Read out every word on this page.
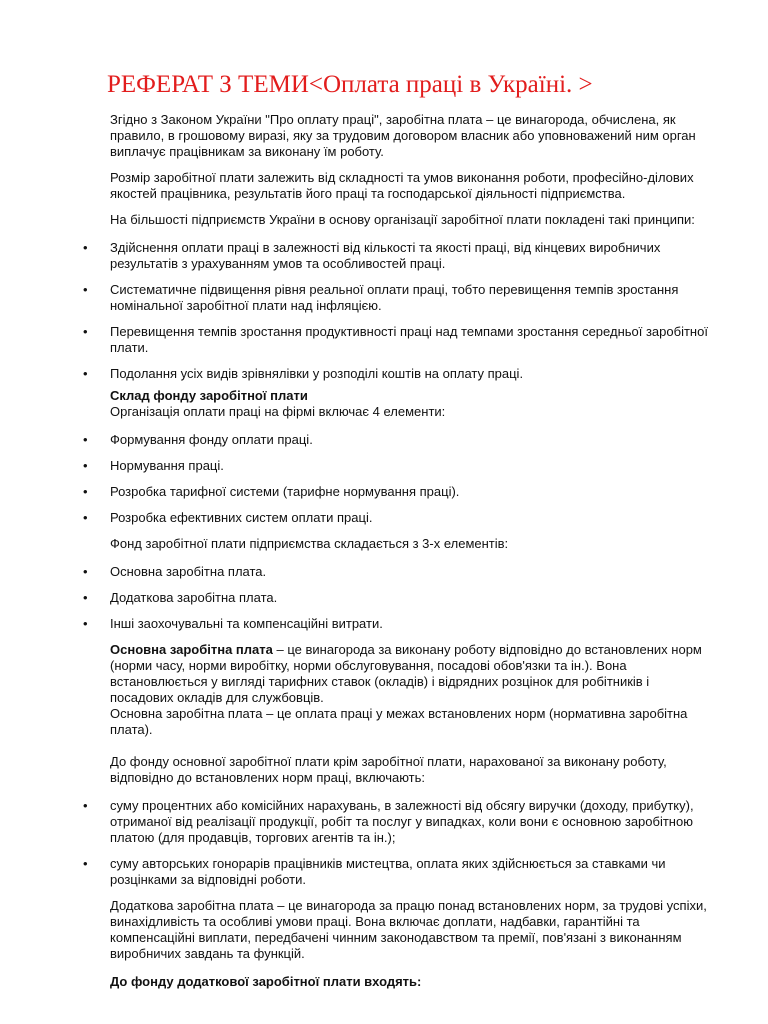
РЕФЕРАТ З ТЕМИ<Оплата праці в Україні. >

Згідно з Законом України "Про оплату праці", заробітна плата – це винагорода, обчислена, як правило, в грошовому виразі, яку за трудовим договором власник або уповноважений ним орган виплачує працівникам за виконану їм роботу.

Розмір заробітної плати залежить від складності та умов виконання роботи, професійно-ділових якостей працівника, результатів його праці та господарської діяльності підприємства.

На більшості підприємств України в основу організації заробітної плати покладені такі принципи:

• Здійснення оплати праці в залежності від кількості та якості праці, від кінцевих виробничих результатів з урахуванням умов та особливостей праці.
• Систематичне підвищення рівня реальної оплати праці, тобто перевищення темпів зростання номінальної заробітної плати над інфляцією.
• Перевищення темпів зростання продуктивності праці над темпами зростання середньої заробітної плати.
• Подолання усіх видів зрівнялівки у розподілі коштів на оплату праці.

Склад фонду заробітної плати

Організація оплати праці на фірмі включає 4 елементи:

• Формування фонду оплати праці.
• Нормування праці.
• Розробка тарифної системи (тарифне нормування праці).
• Розробка ефективних систем оплати праці.

Фонд заробітної плати підприємства складається з 3-х елементів:

• Основна заробітна плата.
• Додаткова заробітна плата.
• Інші заохочувальні та компенсаційні витрати.

Основна заробітна плата – це винагорода за виконану роботу відповідно до встановлених норм (норми часу, норми виробітку, норми обслуговування, посадові обов'язки та ін.). Вона встановлюється у вигляді тарифних ставок (окладів) і відрядних розцінок для робітників і посадових окладів для службовців.

Основна заробітна плата – це оплата праці у межах встановлених норм (нормативна заробітна плата).

До фонду основної заробітної плати крім заробітної плати, нарахованої за виконану роботу, відповідно до встановлених норм праці, включають:

• суму процентних або комісійних нарахувань, в залежності від обсягу виручки (доходу, прибутку), отриманої від реалізації продукції, робіт та послуг у випадках, коли вони є основною заробітною платою (для продавців, торгових агентів та ін.);
• суму авторських гонорарів працівників мистецтва, оплата яких здійснюється за ставками чи розцінками за відповідні роботи.

Додаткова заробітна плата – це винагорода за працю понад встановлених норм, за трудові успіхи, винахідливість та особливі умови праці. Вона включає доплати, надбавки, гарантійні та компенсаційні виплати, передбачені чинним законодавством та премії, пов'язані з виконанням виробничих завдань та функцій.

До фонду додаткової заробітної плати входять:
